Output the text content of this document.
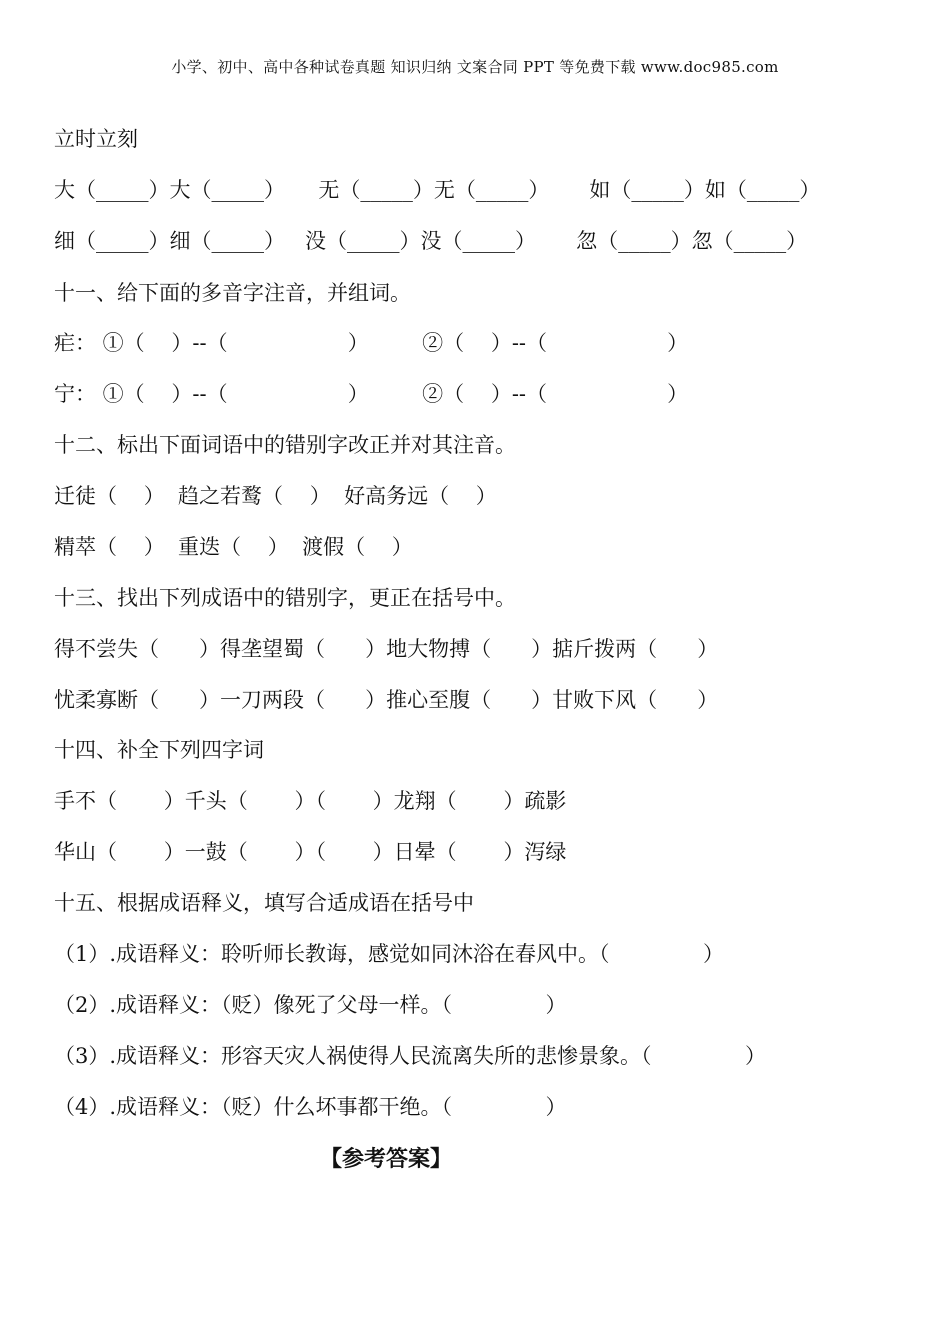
小学、初中、高中各种试卷真题 知识归纳 文案合同 PPT 等免费下载 www.doc985.com
立时立刻
大（_____）大（_____）     无（_____）无（_____）      如（_____）如（_____）
细（_____）细（_____）   没（_____）没（_____）      忽（_____）忽（_____）
十一、给下面的多音字注音，并组词。
疟： ①（    ）--（                  ）        ②（    ）--（                  ）
宁： ①（    ）--（                  ）        ②（    ）--（                  ）
十二、标出下面词语中的错别字改正并对其注音。
迁徒（    ）  趋之若鹜（    ）  好高务远（    ）
精萃（    ）  重迭（    ）  渡假（    ）
十三、找出下列成语中的错别字，更正在括号中。
得不尝失（      ）得垄望蜀（      ）地大物搏（      ）掂斤拨两（      ）
忧柔寡断（      ）一刀两段（      ）推心至腹（      ）甘败下风（      ）
十四、补全下列四字词
手不（       ）千头（       ）（       ）龙翔（       ）疏影
华山（       ）一鼓（       ）（       ）日晕（       ）泻绿
十五、根据成语释义，填写合适成语在括号中
（1）.成语释义：聆听师长教诲，感觉如同沐浴在春风中。（              ）
（2）.成语释义：（贬）像死了父母一样。（              ）
（3）.成语释义：形容天灾人祸使得人民流离失所的悲惨景象。（              ）
（4）.成语释义：（贬）什么坏事都干绝。（              ）
【参考答案】
